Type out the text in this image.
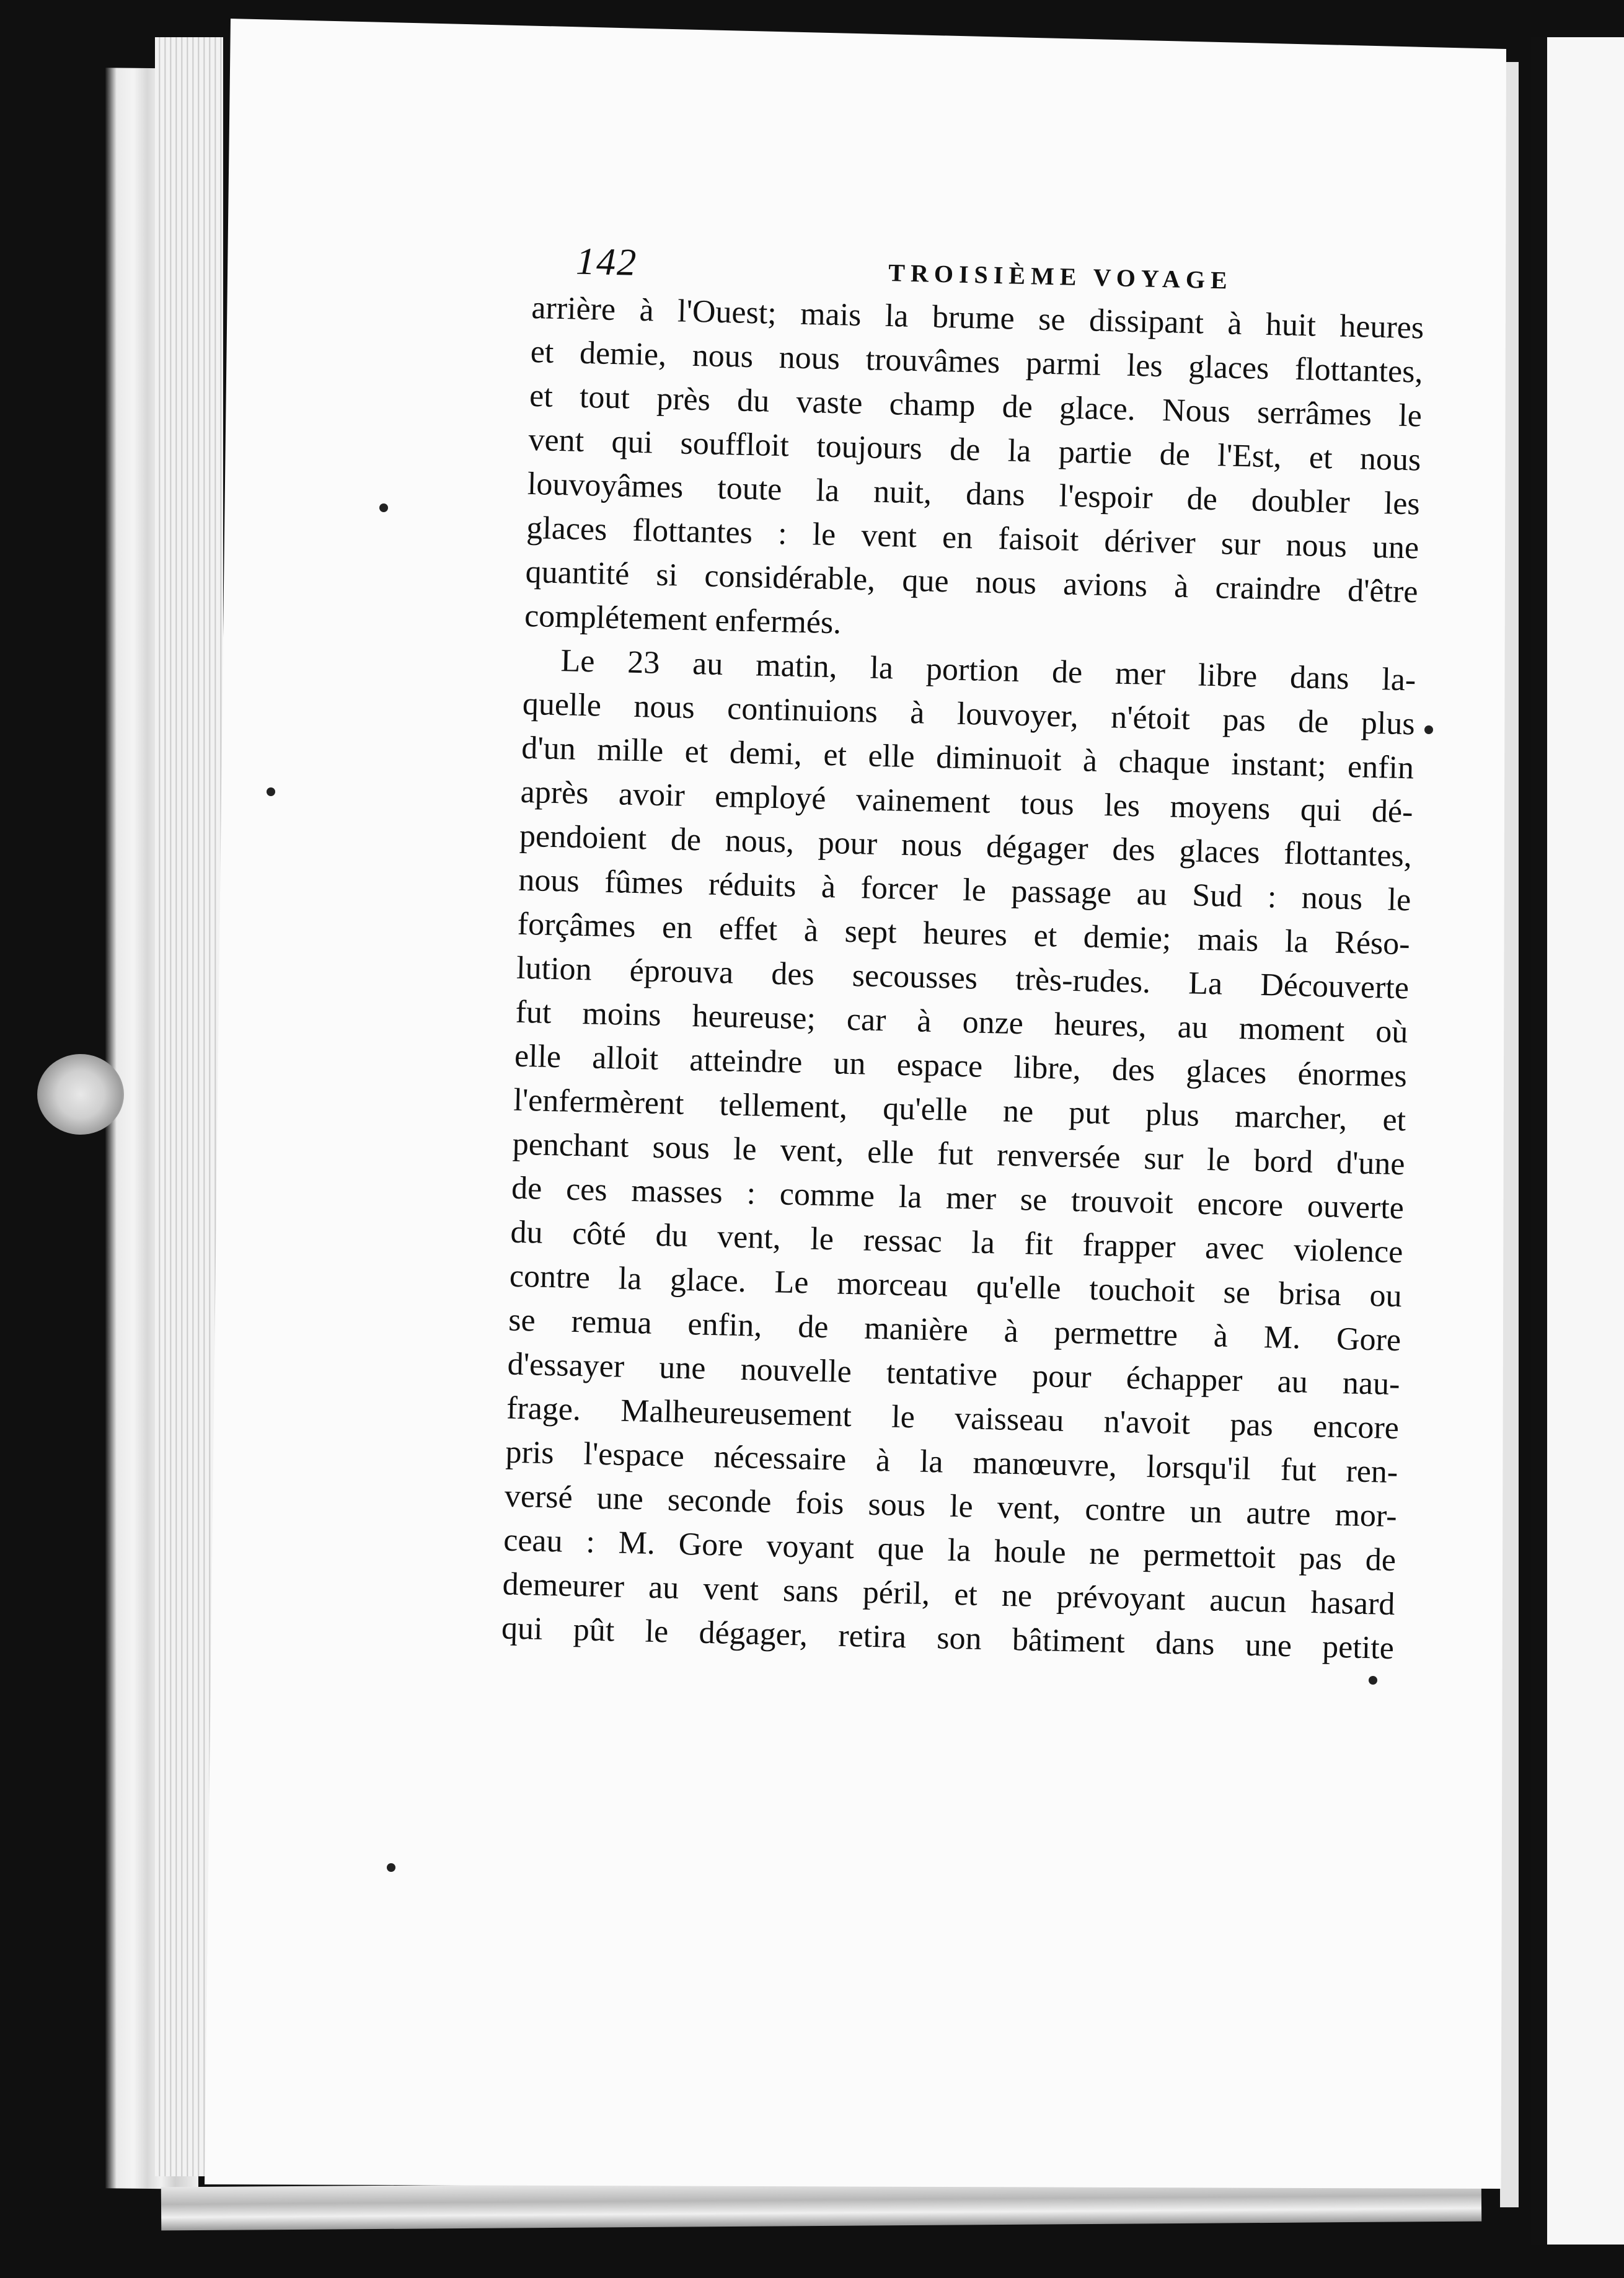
142	TROISIÈME VOYAGE
arrière à l'Ouest; mais la brume se dissipant à huit heures
et demie, nous nous trouvâmes parmi les glaces flottantes,
et tout près du vaste champ de glace. Nous serrâmes le
vent qui souffloit toujours de la partie de l'Est, et nous
louvoyâmes toute la nuit, dans l'espoir de doubler les
glaces flottantes : le vent en faisoit dériver sur nous une
quantité si considérable, que nous avions à craindre d'être
complétement enfermés.
Le 23 au matin, la portion de mer libre dans la-
quelle nous continuions à louvoyer, n'étoit pas de plus
d'un mille et demi, et elle diminuoit à chaque instant; enfin
après avoir employé vainement tous les moyens qui dé-
pendoient de nous, pour nous dégager des glaces flottantes,
nous fûmes réduits à forcer le passage au Sud : nous le
forçâmes en effet à sept heures et demie; mais la Réso-
lution éprouva des secousses très-rudes. La Découverte
fut moins heureuse; car à onze heures, au moment où
elle alloit atteindre un espace libre, des glaces énormes
l'enfermèrent tellement, qu'elle ne put plus marcher, et
penchant sous le vent, elle fut renversée sur le bord d'une
de ces masses : comme la mer se trouvoit encore ouverte
du côté du vent, le ressac la fit frapper avec violence
contre la glace. Le morceau qu'elle touchoit se brisa ou
se remua enfin, de manière à permettre à M. Gore
d'essayer une nouvelle tentative pour échapper au nau-
frage. Malheureusement le vaisseau n'avoit pas encore
pris l'espace nécessaire à la manœuvre, lorsqu'il fut ren-
versé une seconde fois sous le vent, contre un autre mor-
ceau : M. Gore voyant que la houle ne permettoit pas de
demeurer au vent sans péril, et ne prévoyant aucun hasard
qui pût le dégager, retira son bâtiment dans une petite
